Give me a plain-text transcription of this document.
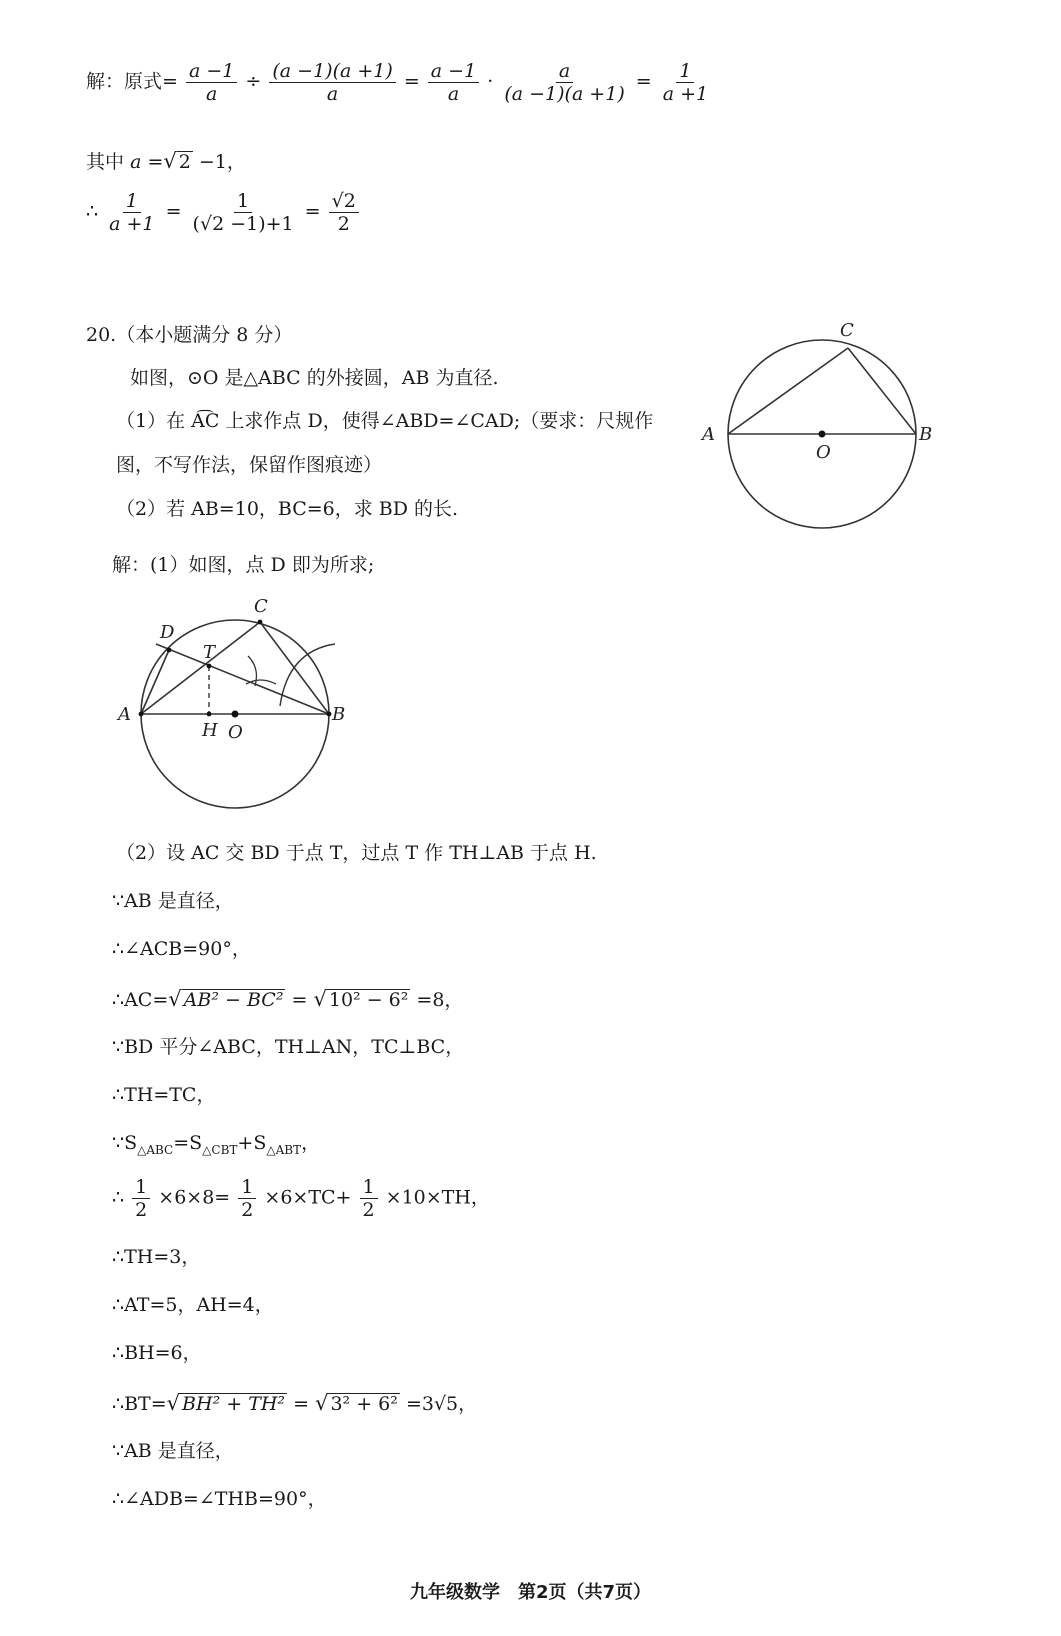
解：原式= $\frac{a -1}{a} \div \frac{(a -1)(a +1)}{a} = \frac{a -1}{a} \cdot \frac{a}{(a -1)(a +1)} = \frac{1}{a +1}$
其中 a =√ 2 −1，
∴ $\frac{1}{a +1} = \frac{1}{(√2 -1)+1} = \frac{√2}{2}$
20.（本小题满分 8 分）
如图，⊙O 是△ABC 的外接圆，AB 为直径.
（1）在 A͡C 上求作点 D，使得∠ABD=∠CAD;（要求：尺规作
图，不写作法，保留作图痕迹）
（2）若 AB=10，BC=6，求 BD 的长.
A	B
C
O
解：(1）如图，点 D 即为所求;
A	B
C
D
T
H O
（2）设 AC 交 BD 于点 T，过点 T 作 TH⊥AB 于点 H.
∵AB 是直径，
∴∠ACB=90°，
∴AC=√ AB² − BC² = √ 10² − 6² =8，
∵BD 平分∠ABC，TH⊥AN，TC⊥BC，
∴TH=TC，
$\because S_{\triangle ABC}=S_{\triangle CBT}+S_{\triangle ABT}$，
∴ $\frac{1}{2} \times 6\times 8= \frac{1}{2} \times 6\times TC+ \frac{1}{2} \times 10\times TH$，
∴TH=3，
∴AT=5，AH=4，
∴BH=6，
∴BT=√ BH² + TH² = √ 3² + 6² =3√5，
∵AB 是直径，
∴∠ADB=∠THB=90°，
九年级数学　第2页（共7页）
